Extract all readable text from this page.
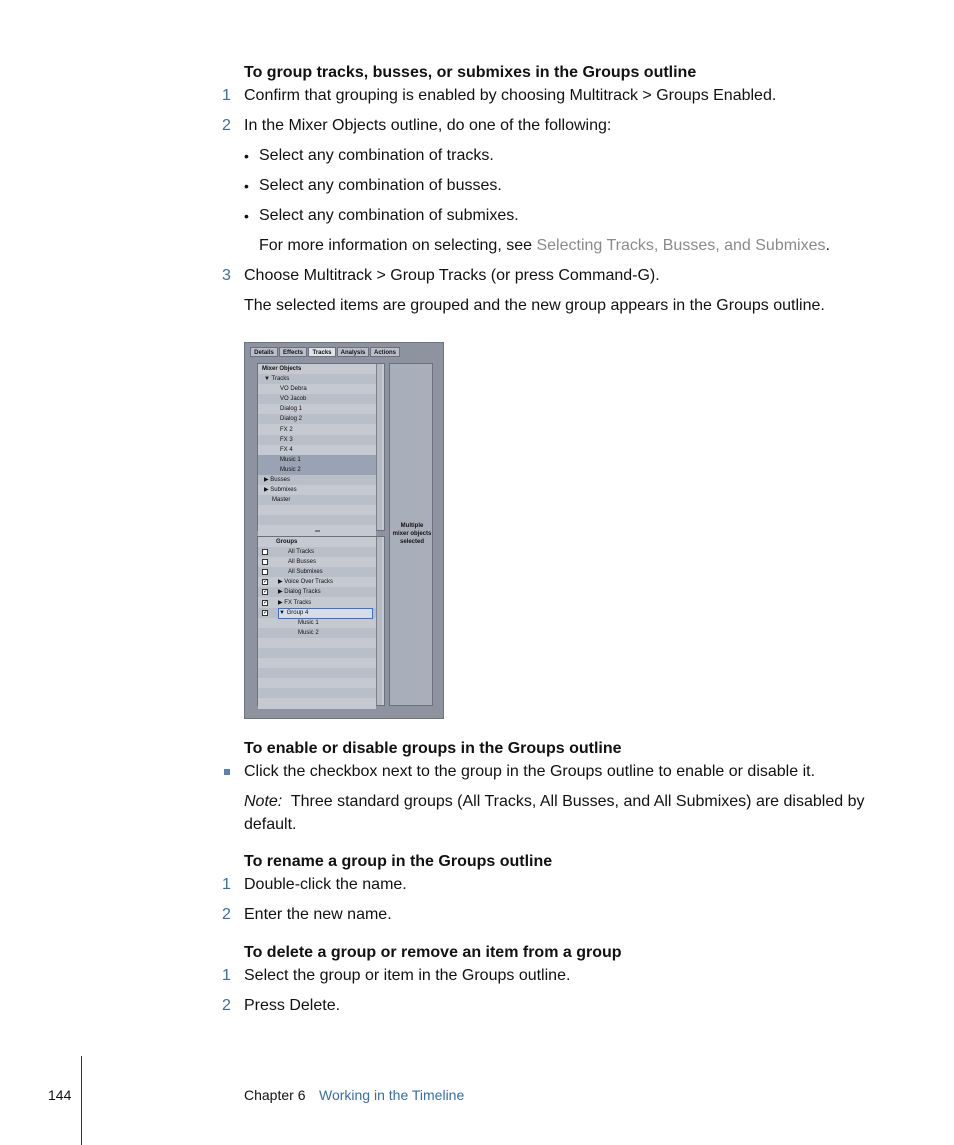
To group tracks, busses, or submixes in the Groups outline
1 Confirm that grouping is enabled by choosing Multitrack > Groups Enabled.
2 In the Mixer Objects outline, do one of the following:
• Select any combination of tracks.
• Select any combination of busses.
• Select any combination of submixes.
For more information on selecting, see Selecting Tracks, Busses, and Submixes.
3 Choose Multitrack > Group Tracks (or press Command-G).
The selected items are grouped and the new group appears in the Groups outline.
Details	Effects	Tracks	Analysis	Actions
Mixer Objects
▼ Tracks
VO Debra
VO Jacob
Dialog 1
Dialog 2
FX 2
FX 3
FX 4
Music 1
Music 2
▶ Busses
▶ Submixes
Master
═
Groups
All Tracks
All Busses
All Submixes
✓ ▶ Voice Over Tracks
✓ ▶ Dialog Tracks
✓ ▶ FX Tracks
✓ ▼ Group 4
Music 1
Music 2
Multiple mixer objects selected
To enable or disable groups in the Groups outline
Click the checkbox next to the group in the Groups outline to enable or disable it.
Note: Three standard groups (All Tracks, All Busses, and All Submixes) are disabled by
default.
To rename a group in the Groups outline
1 Double-click the name.
2 Enter the new name.
To delete a group or remove an item from a group
1 Select the group or item in the Groups outline.
2 Press Delete.
144	Chapter 6 Working in the Timeline
